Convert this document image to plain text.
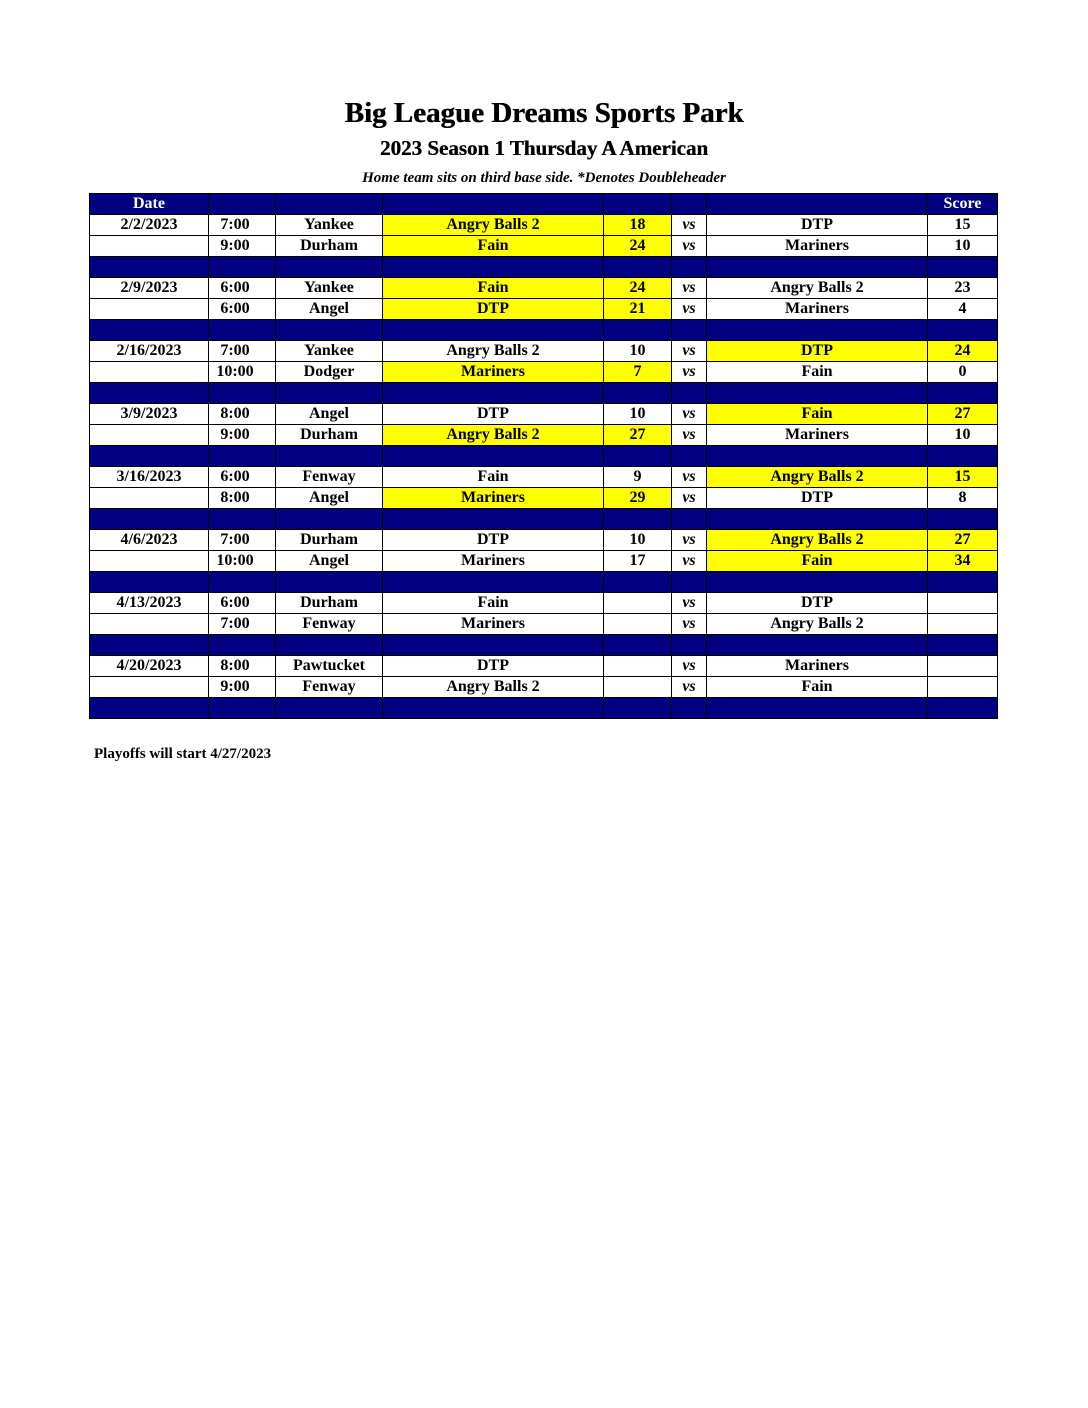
Big League Dreams Sports Park
2023 Season 1 Thursday A American
Home team sits on third base side. *Denotes Doubleheader
Date							Score
2/2/2023	7:00	Yankee	Angry Balls 2	18	vs	DTP	15
	9:00	Durham	Fain	24	vs	Mariners	10

2/9/2023	6:00	Yankee	Fain	24	vs	Angry Balls 2	23
	6:00	Angel	DTP	21	vs	Mariners	4

2/16/2023	7:00	Yankee	Angry Balls 2	10	vs	DTP	24
	10:00	Dodger	Mariners	7	vs	Fain	0

3/9/2023	8:00	Angel	DTP	10	vs	Fain	27
	9:00	Durham	Angry Balls 2	27	vs	Mariners	10

3/16/2023	6:00	Fenway	Fain	9	vs	Angry Balls 2	15
	8:00	Angel	Mariners	29	vs	DTP	8

4/6/2023	7:00	Durham	DTP	10	vs	Angry Balls 2	27
	10:00	Angel	Mariners	17	vs	Fain	34

4/13/2023	6:00	Durham	Fain		vs	DTP	
	7:00	Fenway	Mariners		vs	Angry Balls 2	

4/20/2023	8:00	Pawtucket	DTP		vs	Mariners	
	9:00	Fenway	Angry Balls 2		vs	Fain	

Playoffs will start 4/27/2023
